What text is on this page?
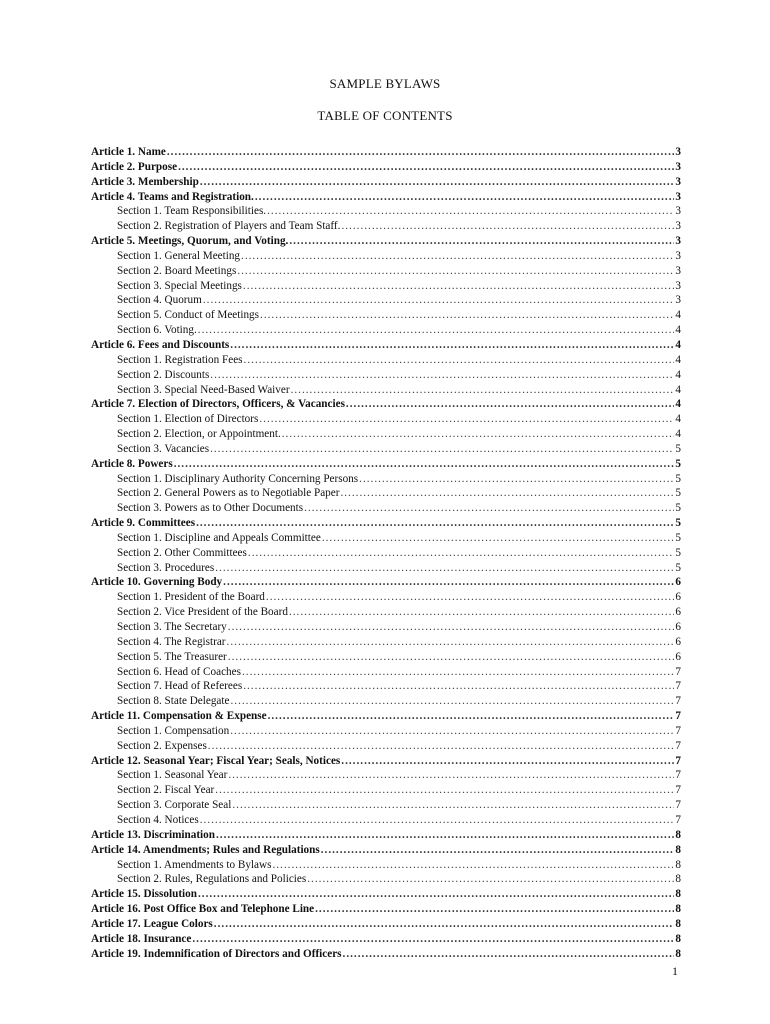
SAMPLE BYLAWS
TABLE OF CONTENTS
Article 1. Name .....	3
Article 2. Purpose .....	3
Article 3. Membership .....	3
Article 4. Teams and Registration. .....	3
Section 1. Team Responsibilities. .....	3
Section 2. Registration of Players and Team Staff. .....	3
Article 5. Meetings, Quorum, and Voting. .....	3
Section 1. General Meeting .....	3
Section 2. Board Meetings .....	3
Section 3. Special Meetings .....	3
Section 4. Quorum .....	3
Section 5. Conduct of Meetings .....	4
Section 6. Voting. .....	4
Article 6. Fees and Discounts .....	4
Section 1. Registration Fees .....	4
Section 2. Discounts .....	4
Section 3. Special Need-Based Waiver .....	4
Article 7. Election of Directors, Officers, & Vacancies .....	4
Section 1. Election of Directors .....	4
Section 2. Election, or Appointment. .....	4
Section 3. Vacancies .....	5
Article 8. Powers .....	5
Section 1. Disciplinary Authority Concerning Persons .....	5
Section 2. General Powers as to Negotiable Paper .....	5
Section 3. Powers as to Other Documents .....	5
Article 9. Committees .....	5
Section 1. Discipline and Appeals Committee .....	5
Section 2. Other Committees .....	5
Section 3. Procedures .....	5
Article 10. Governing Body .....	6
Section 1. President of the Board .....	6
Section 2. Vice President of the Board .....	6
Section 3. The Secretary .....	6
Section 4. The Registrar .....	6
Section 5. The Treasurer .....	6
Section 6. Head of Coaches .....	7
Section 7. Head of Referees .....	7
Section 8. State Delegate .....	7
Article 11. Compensation & Expense .....	7
Section 1. Compensation .....	7
Section 2. Expenses .....	7
Article 12. Seasonal Year; Fiscal Year; Seals, Notices .....	7
Section 1. Seasonal Year .....	7
Section 2. Fiscal Year .....	7
Section 3. Corporate Seal .....	7
Section 4. Notices .....	7
Article 13. Discrimination .....	8
Article 14. Amendments; Rules and Regulations .....	8
Section 1. Amendments to Bylaws .....	8
Section 2. Rules, Regulations and Policies .....	8
Article 15. Dissolution .....	8
Article 16. Post Office Box and Telephone Line .....	8
Article 17. League Colors .....	8
Article 18. Insurance .....	8
Article 19. Indemnification of Directors and Officers .....	8
1
